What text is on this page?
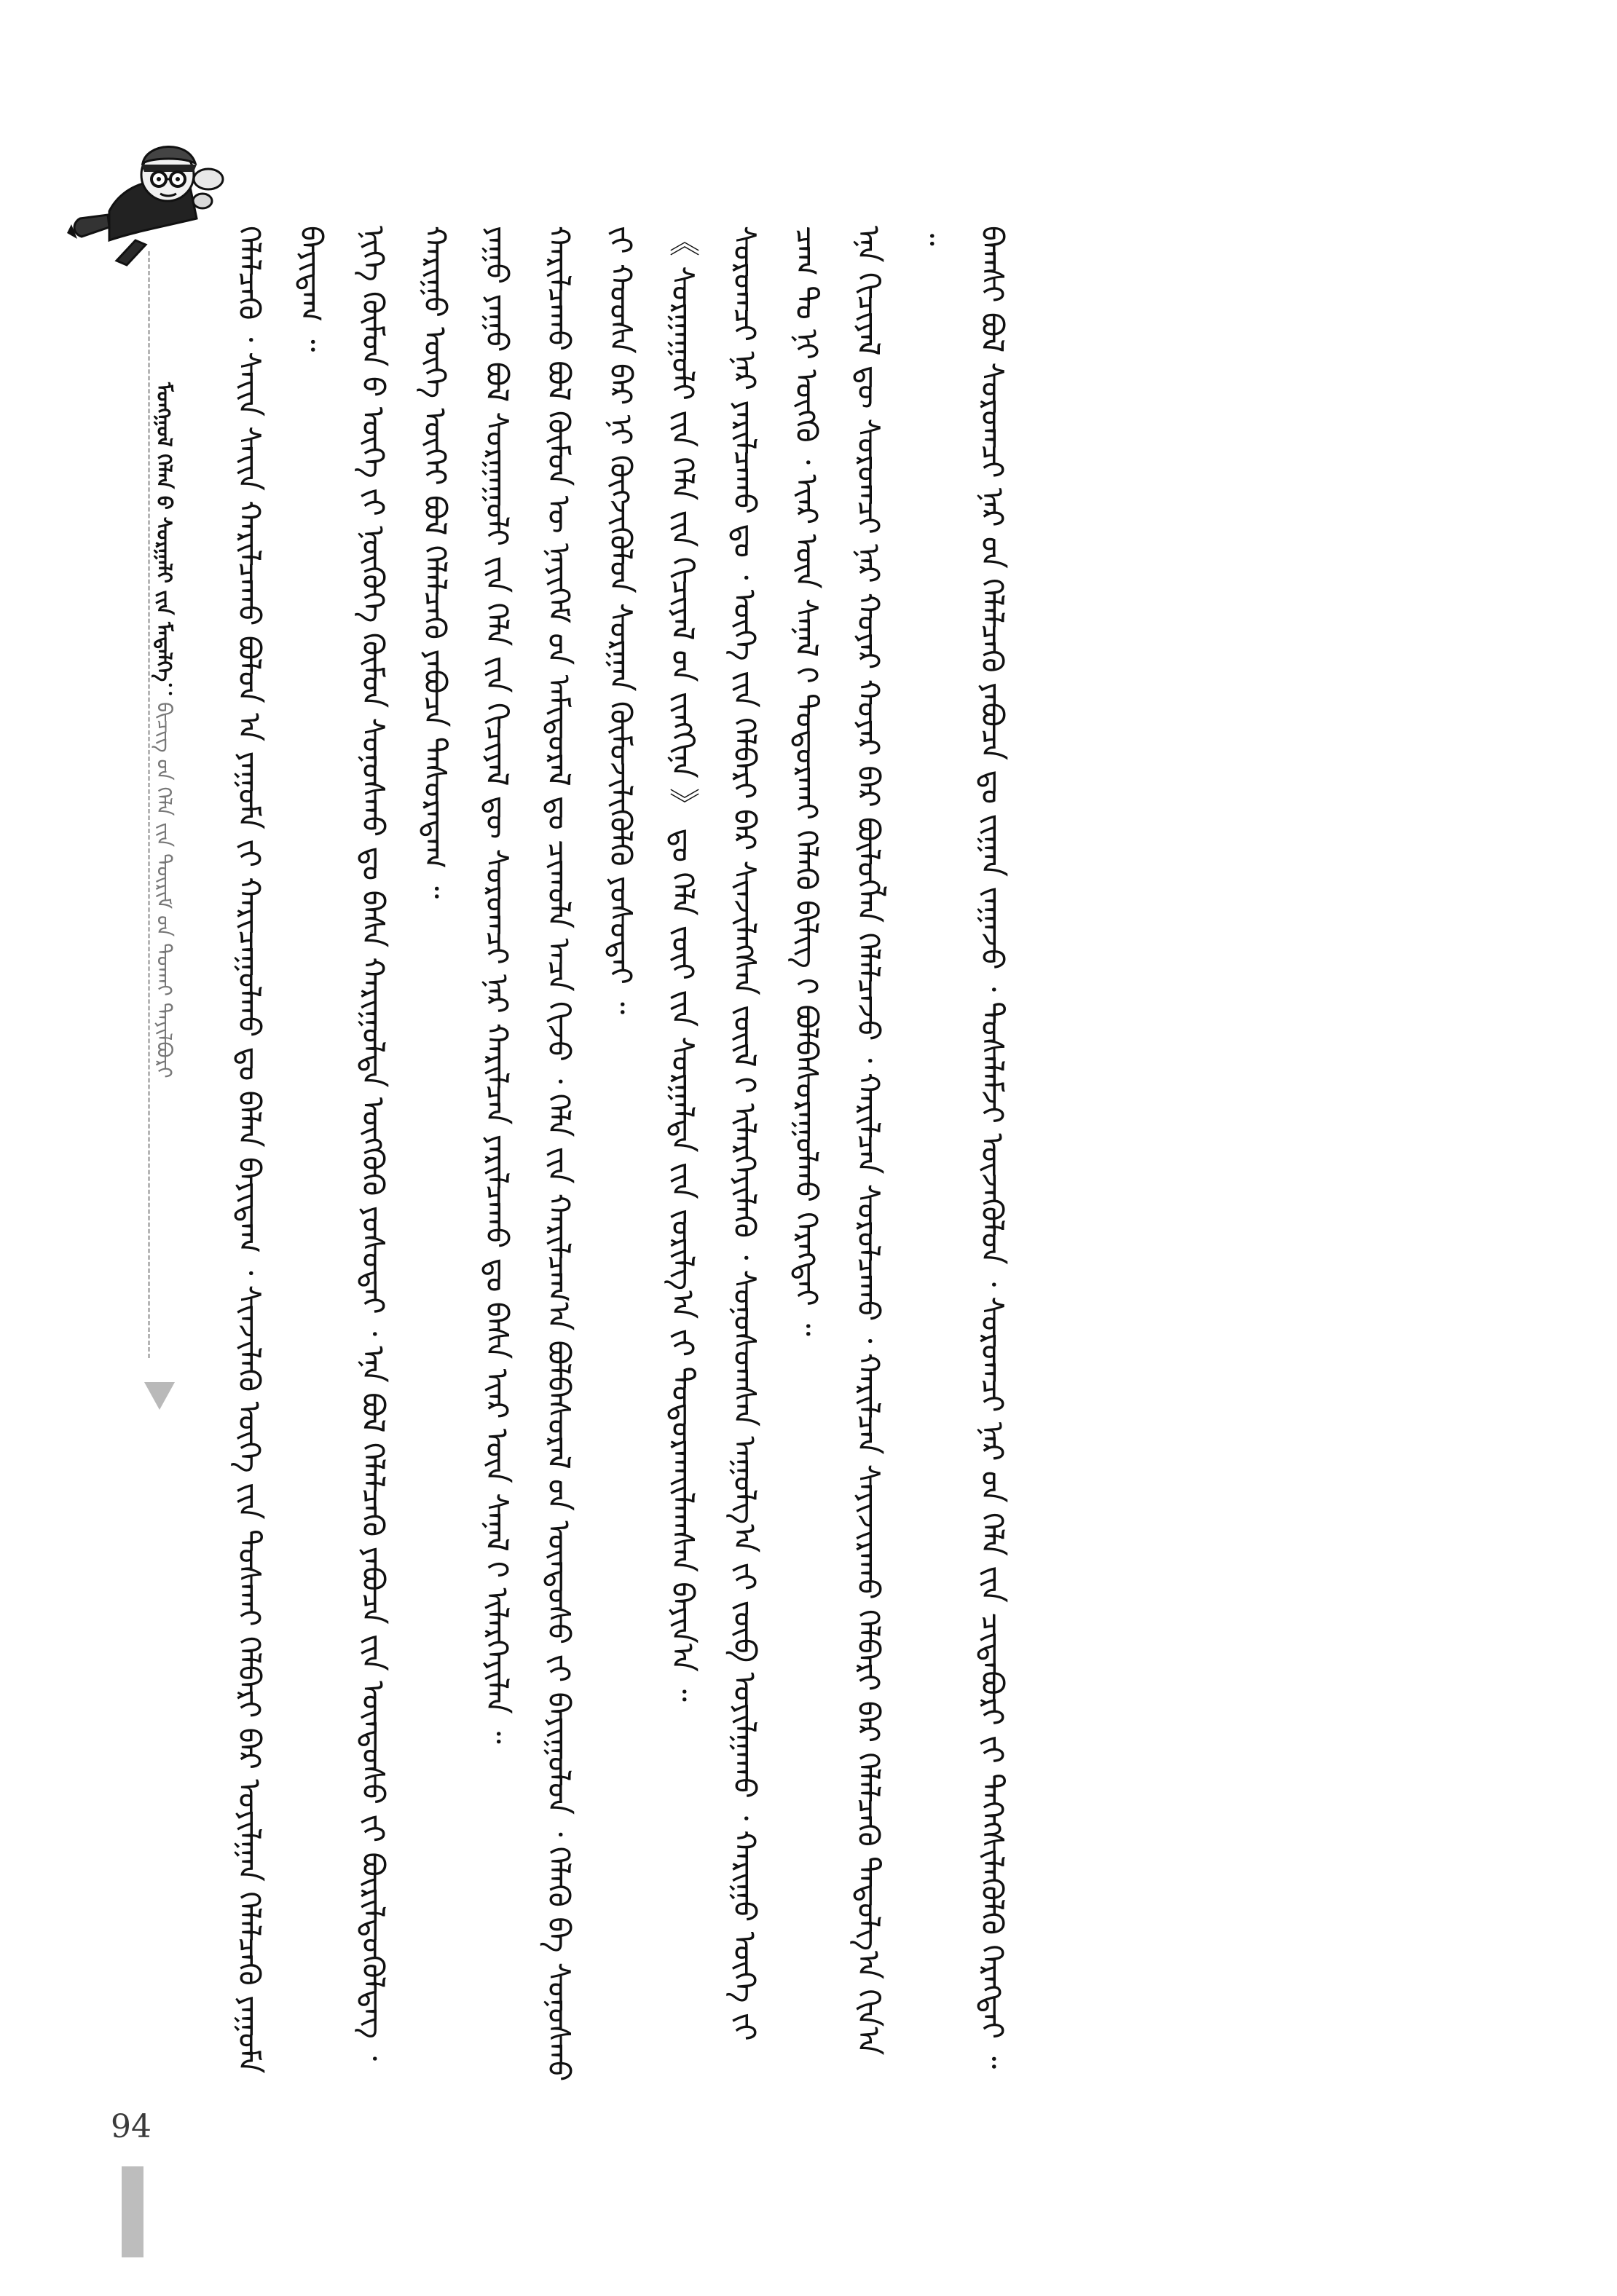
ᠮᠣᠩᠭᠣᠯ ᠬᠡᠯᠡᠨ ᠤ᠋ ᠰᠤᠷᠭᠠᠯᠢ ᠶ᠋ᠢᠨ ᠮᠡᠳᠡᠯᠭᠡ：ᠪᠢᠴᠢᠭ᠌ ᠤ᠋ᠨ ᠬᠡᠯᠡ ᠶ᠋ᠢᠨ ᠳᠦᠷᠢᠮ ᠤ᠋ᠨ ᠲᠤᠬᠠᠢ ᠲᠠᠶᠢᠯᠪᠤᠷᠢ	ᠬᠡᠯᠡᠯᠴᠡᠬᠦ ᠂ ᠰᠠᠶ᠋ᠢᠨ ᠰᠠᠶ᠋ᠢᠨ ᠬᠠᠷᠢᠯᠴᠠᠬᠤ ᠪᠣᠯᠣᠨ ᠠ ᠶᠠᠭᠤᠮᠠ ᠶ᠋ᠢ ᠬᠠᠷᠢᠴᠠᠭᠤᠯᠬᠤ ᠳᠤ ᠪᠡᠯᠡᠨ ᠪᠠᠶᠢᠳᠠᠭ ᠂ ᠰᠢᠨᠵᠢᠯᠡᠬᠦ ᠦᠭᠡ ᠶ᠋ᠢᠨ ᠲᠤᠰᠬᠠᠢ ᠬᠡᠯᠪᠡᠷᠢ ᠪᠠᠷ ᠣᠶᠢᠯᠭᠠᠨ ᠬᠡᠯᠡᠯᠴᠡᠬᠦ ᠶᠠᠭᠤᠮᠠ ᠪᠠᠶᠢᠳᠠᠭ ᠃ ᠨᠢᠭᠡ ᠬᠦᠮᠦᠨ ᠤ᠋ ᠦᠭᠡ ᠶ᠋ᠢ ᠨᠥᠭᠦᠭᠡ ᠬᠦᠮᠦᠨ ᠰᠣᠨᠣᠰᠬᠤ ᠳᠤ ᠪᠠᠰᠠ ᠬᠠᠷᠢᠭᠤᠯᠲᠠ ᠥᠭᠭᠦᠬᠦ ᠶᠣᠰᠣᠲᠠᠢ ᠂ ᠡᠨᠡ ᠪᠣᠯ ᠬᠡᠯᠡᠯᠴᠡᠬᠦ ᠶᠠᠪᠤᠴᠠ ᠶ᠋ᠢᠨ ᠦᠨᠳᠦᠰᠦ ᠶ᠋ᠢ ᠪᠦᠷᠢᠯᠳᠦᠭᠦᠯᠳᠡᠭ ᠂ ᠬᠠᠷᠢᠭᠤ ᠦᠭᠡ ᠦᠭᠡᠢ ᠪᠣᠯ ᠬᠡᠯᠡᠯᠴᠡᠬᠦ ᠶᠠᠪᠤᠴᠠ ᠲᠠᠰᠤᠷᠠᠳᠠᠭ ᠃ ᠶᠠᠭᠤ ᠶᠠᠭᠤ ᠪᠤᠯ ᠰᠤᠷᠭᠠᠭᠤᠯᠢ ᠶ᠋ᠢᠨ ᠬᠡᠯᠡ ᠶ᠋ᠢᠨ ᠬᠢᠴᠢᠶᠡᠯ ᠳᠦ ᠰᠤᠷᠤᠭᠴᠢ ᠨᠠᠷ ᠬᠠᠷᠢᠯᠴᠠᠨ ᠶᠠᠷᠢᠯᠴᠠᠬᠤ ᠳᠤ ᠪᠠᠰᠠ ᠡᠶ᠋ᠡᠷ ᠦᠨ ᠰᠠᠨᠠᠯ ᠢ᠋ ᠢᠯᠡᠷᠬᠡᠶᠢᠯᠡᠨ ᠃ ᠬᠠᠷᠢᠯᠴᠠᠬᠤ ᠪᠣᠯ ᠬᠦᠮᠦᠨ ᠦ ᠨᠡᠶᠢᠭᠡᠮ ᠦ᠋ᠨ ᠠᠮᠢᠳᠤᠷᠠᠯ ᠳᠤ ᠴᠢᠬᠤᠯᠠ ᠠᠴᠠ ᠬᠢᠵᠦ ᠂ ᠬᠡᠯᠡ ᠶ᠋ᠢᠨ ᠬᠠᠷᠢᠯᠴᠠᠭ᠎ᠠ ᠪᠣᠯᠪᠠᠰᠤᠷᠠᠯ ᠤ᠋ᠨ ᠦᠨᠳᠦᠰᠦ ᠶ᠋ᠢ ᠪᠠᠶᠢᠭᠤᠯᠤᠨ ᠂ ᠬᠡᠯᠡᠬᠦ ᠪᠠ ᠰᠣᠨᠣᠰᠬᠤ ᠶ᠋ᠢ ᠬᠣᠣᠰᠠ ᠪᠡᠷ ᠨᠢ ᠬᠥᠭᠵᠢᠭᠦᠯᠦᠨ ᠰᠤᠷᠭᠠᠨ ᠬᠦᠮᠦᠵᠢᠯᠢᠭᠦᠯᠬᠦ ᠶᠣᠰᠣᠲᠠᠢ ᠃ 《 ᠰᠤᠷᠭᠠᠭᠤᠯᠢ ᠶ᠋ᠢᠨ ᠬᠡᠯᠡ ᠶ᠋ᠢᠨ ᠬᠢᠴᠢᠶᠡᠯ ᠦ᠋ᠨ ᠵᠢᠩᠬᠢᠨᠡ 》 ᠳᠤ ᠬᠡᠯᠡ ᠵᠦᠢ ᠶ᠋ᠢᠨ ᠰᠤᠷᠭᠠᠯᠳᠠ ᠶ᠋ᠢᠨ ᠵᠣᠷᠢᠯᠭ᠎ᠠ ᠶ᠋ᠢ ᠲᠣᠳᠤᠷᠬᠠᠢᠯᠠᠭᠰᠠᠨ ᠪᠠᠶᠢᠨ᠎ᠠ ᠃ ᠰᠤᠷᠤᠭᠴᠢ ᠨᠠᠷ ᠶᠠᠷᠢᠯᠴᠠᠬᠤ ᠳᠤ ᠂ ᠦᠭᠡ ᠶ᠋ᠢᠨ ᠬᠡᠯᠪᠡᠷᠢ ᠪᠠᠷ ᠰᠢᠨᠵᠢᠯᠡᠭᠰᠡᠨ ᠵᠦᠢᠯ ᠢ᠋ ᠢᠯᠡᠷᠬᠡᠶᠢᠯᠡᠬᠦ ᠂ ᠰᠣᠨᠣᠰᠤᠭᠰᠠᠨ ᠠᠭᠤᠯᠭ᠎ᠠ ᠶ᠋ᠢ ᠵᠥᠪ ᠣᠶᠢᠯᠭᠠᠬᠤ ᠂ ᠬᠠᠷᠢᠭᠤ ᠦᠭᠡ ᠶ᠋ᠢ ᠴᠠᠭ ᠲᠤ ᠨᠢ ᠥᠭᠬᠦ ᠂ ᠡᠶ᠋ᠡᠷ ᠦᠨ ᠰᠠᠨᠠᠯ ᠢ᠋ ᠲᠣᠳᠣᠷᠬᠠᠢ ᠬᠡᠯᠡᠬᠦ ᠪᠢᠯᠢᠭ ᠢ᠋ ᠪᠣᠯᠪᠠᠰᠤᠷᠠᠭᠤᠯᠬᠤ ᠬᠡᠷᠡᠭᠲᠡᠢ ᠃ ᠡᠨᠡ ᠬᠢᠴᠢᠶᠡᠯ ᠳᠦ ᠰᠤᠷᠤᠭᠴᠢ ᠨᠠᠷ ᠬᠣᠶᠠᠷ ᠬᠣᠶᠠᠷ ᠪᠡᠷ ᠪᠦᠯᠦᠭᠯᠡᠨ ᠬᠡᠯᠡᠯᠴᠡᠵᠦ ᠂ ᠬᠠᠷᠢᠯᠴᠠᠨ ᠰᠤᠷᠤᠯᠴᠠᠬᠤ ᠂ ᠬᠠᠷᠢᠯᠴᠠᠨ ᠰᠠᠶᠢᠵᠢᠷᠠᠬᠤ ᠬᠡᠯᠪᠡᠷᠢ ᠪᠡᠷ ᠬᠡᠯᠡᠯᠴᠡᠬᠦ ᠳᠠᠳᠤᠯᠭ᠎ᠠ ᠬᠢᠨ᠎ᠠ ᠃ ᠪᠠᠭᠰᠢ ᠪᠣᠯ ᠰᠤᠷᠤᠭᠴᠢ ᠨᠠᠷ ᠤ᠋ᠨ ᠬᠡᠯᠡᠯᠴᠡᠬᠦ ᠶᠠᠪᠤᠴᠠ ᠳᠤ ᠵᠢᠭᠠᠨ ᠵᠠᠭᠠᠵᠤ ᠂ ᠲᠤᠰᠠᠯᠠᠮᠵᠢ ᠦᠵᠡᠭᠦᠯᠦᠨ ᠂ ᠰᠤᠷᠤᠭᠴᠢ ᠨᠠᠷ ᠤ᠋ᠨ ᠬᠡᠯᠡ ᠶ᠋ᠢᠨ ᠴᠢᠳᠠᠪᠤᠷᠢ ᠶ᠋ᠢ ᠳᠡᠭᠡᠭᠰᠢᠯᠡᠭᠦᠯᠬᠦ ᠬᠡᠷᠡᠭᠲᠡᠢ ᠃

94
